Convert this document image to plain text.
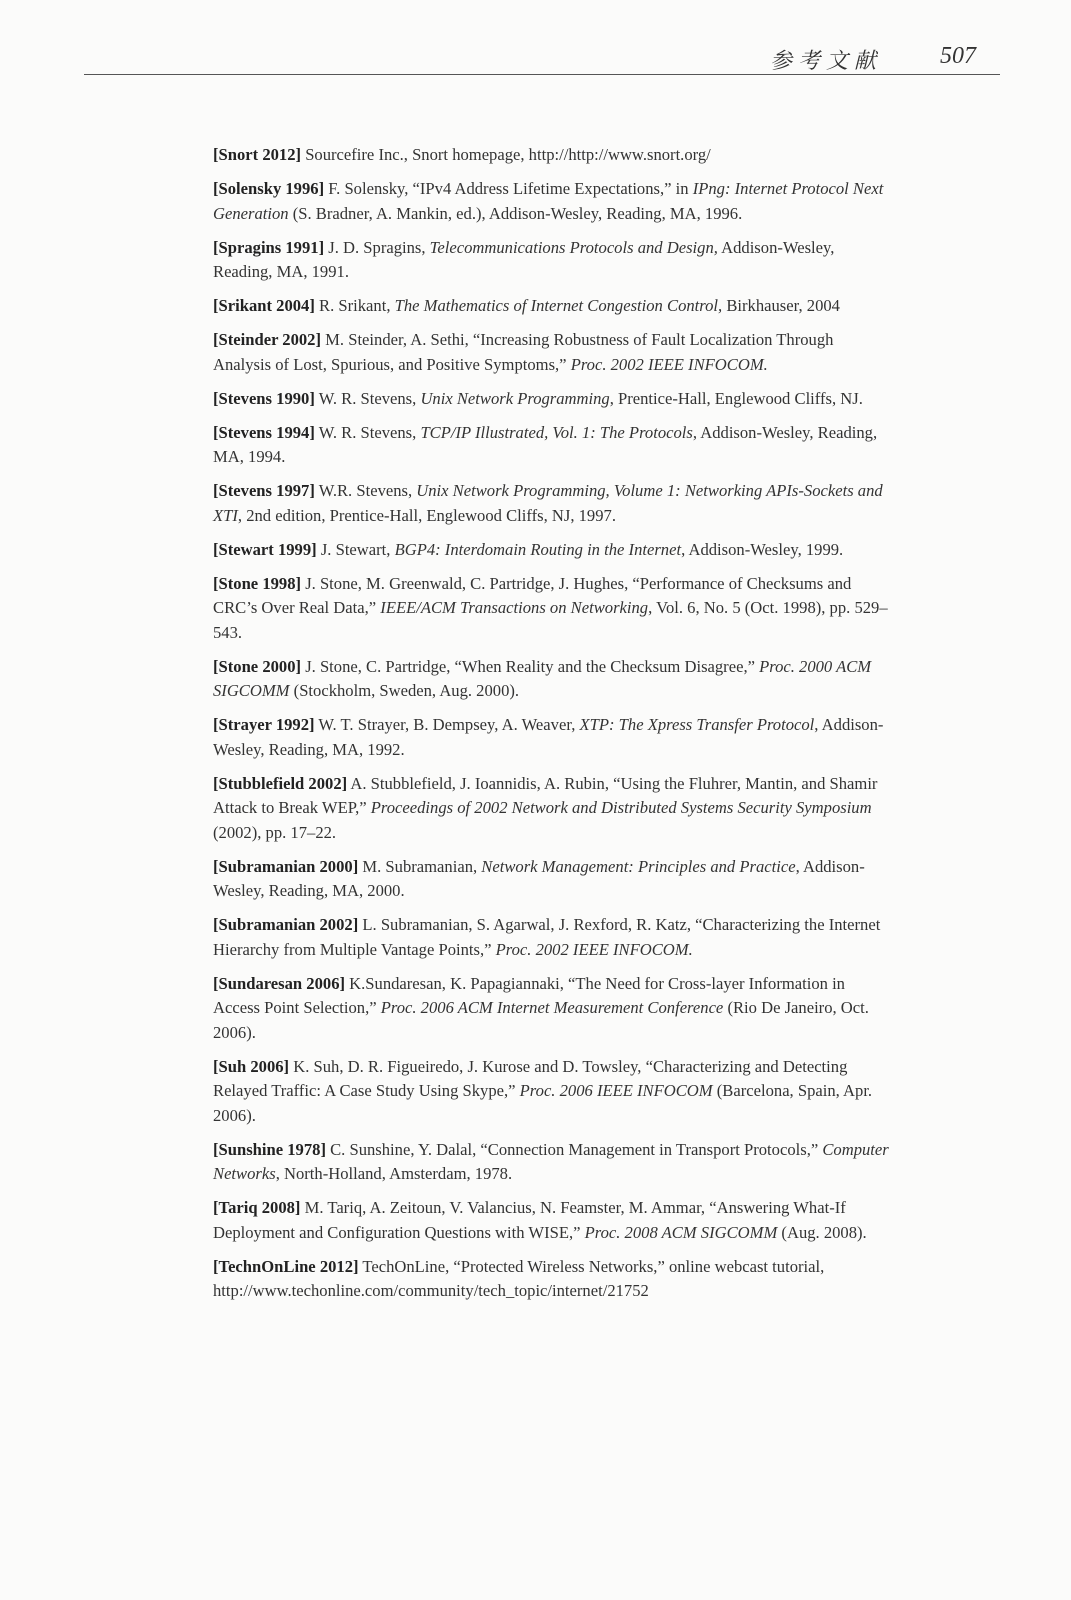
参考文献 507
[Snort 2012] Sourcefire Inc., Snort homepage, http://http://www.snort.org/
[Solensky 1996] F. Solensky, “IPv4 Address Lifetime Expectations,” in IPng: Internet Protocol Next Generation (S. Bradner, A. Mankin, ed.), Addison-Wesley, Reading, MA, 1996.
[Spragins 1991] J. D. Spragins, Telecommunications Protocols and Design, Addison-Wesley, Reading, MA, 1991.
[Srikant 2004] R. Srikant, The Mathematics of Internet Congestion Control, Birkhauser, 2004
[Steinder 2002] M. Steinder, A. Sethi, “Increasing Robustness of Fault Localization Through Analysis of Lost, Spurious, and Positive Symptoms,” Proc. 2002 IEEE INFOCOM.
[Stevens 1990] W. R. Stevens, Unix Network Programming, Prentice-Hall, Englewood Cliffs, NJ.
[Stevens 1994] W. R. Stevens, TCP/IP Illustrated, Vol. 1: The Protocols, Addison-Wesley, Reading, MA, 1994.
[Stevens 1997] W.R. Stevens, Unix Network Programming, Volume 1: Networking APIs-Sockets and XTI, 2nd edition, Prentice-Hall, Englewood Cliffs, NJ, 1997.
[Stewart 1999] J. Stewart, BGP4: Interdomain Routing in the Internet, Addison-Wesley, 1999.
[Stone 1998] J. Stone, M. Greenwald, C. Partridge, J. Hughes, “Performance of Checksums and CRC’s Over Real Data,” IEEE/ACM Transactions on Networking, Vol. 6, No. 5 (Oct. 1998), pp. 529–543.
[Stone 2000] J. Stone, C. Partridge, “When Reality and the Checksum Disagree,” Proc. 2000 ACM SIGCOMM (Stockholm, Sweden, Aug. 2000).
[Strayer 1992] W. T. Strayer, B. Dempsey, A. Weaver, XTP: The Xpress Transfer Protocol, Addison-Wesley, Reading, MA, 1992.
[Stubblefield 2002] A. Stubblefield, J. Ioannidis, A. Rubin, “Using the Fluhrer, Mantin, and Shamir Attack to Break WEP,” Proceedings of 2002 Network and Distributed Systems Security Symposium (2002), pp. 17–22.
[Subramanian 2000] M. Subramanian, Network Management: Principles and Practice, Addison-Wesley, Reading, MA, 2000.
[Subramanian 2002] L. Subramanian, S. Agarwal, J. Rexford, R. Katz, “Characterizing the Internet Hierarchy from Multiple Vantage Points,” Proc. 2002 IEEE INFOCOM.
[Sundaresan 2006] K.Sundaresan, K. Papagiannaki, “The Need for Cross-layer Information in Access Point Selection,” Proc. 2006 ACM Internet Measurement Conference (Rio De Janeiro, Oct. 2006).
[Suh 2006] K. Suh, D. R. Figueiredo, J. Kurose and D. Towsley, “Characterizing and Detecting Relayed Traffic: A Case Study Using Skype,” Proc. 2006 IEEE INFOCOM (Barcelona, Spain, Apr. 2006).
[Sunshine 1978] C. Sunshine, Y. Dalal, “Connection Management in Transport Protocols,” Computer Networks, North-Holland, Amsterdam, 1978.
[Tariq 2008] M. Tariq, A. Zeitoun, V. Valancius, N. Feamster, M. Ammar, “Answering What-If Deployment and Configuration Questions with WISE,” Proc. 2008 ACM SIGCOMM (Aug. 2008).
[TechnOnLine 2012] TechOnLine, “Protected Wireless Networks,” online webcast tutorial, http://www.techonline.com/community/tech_topic/internet/21752
